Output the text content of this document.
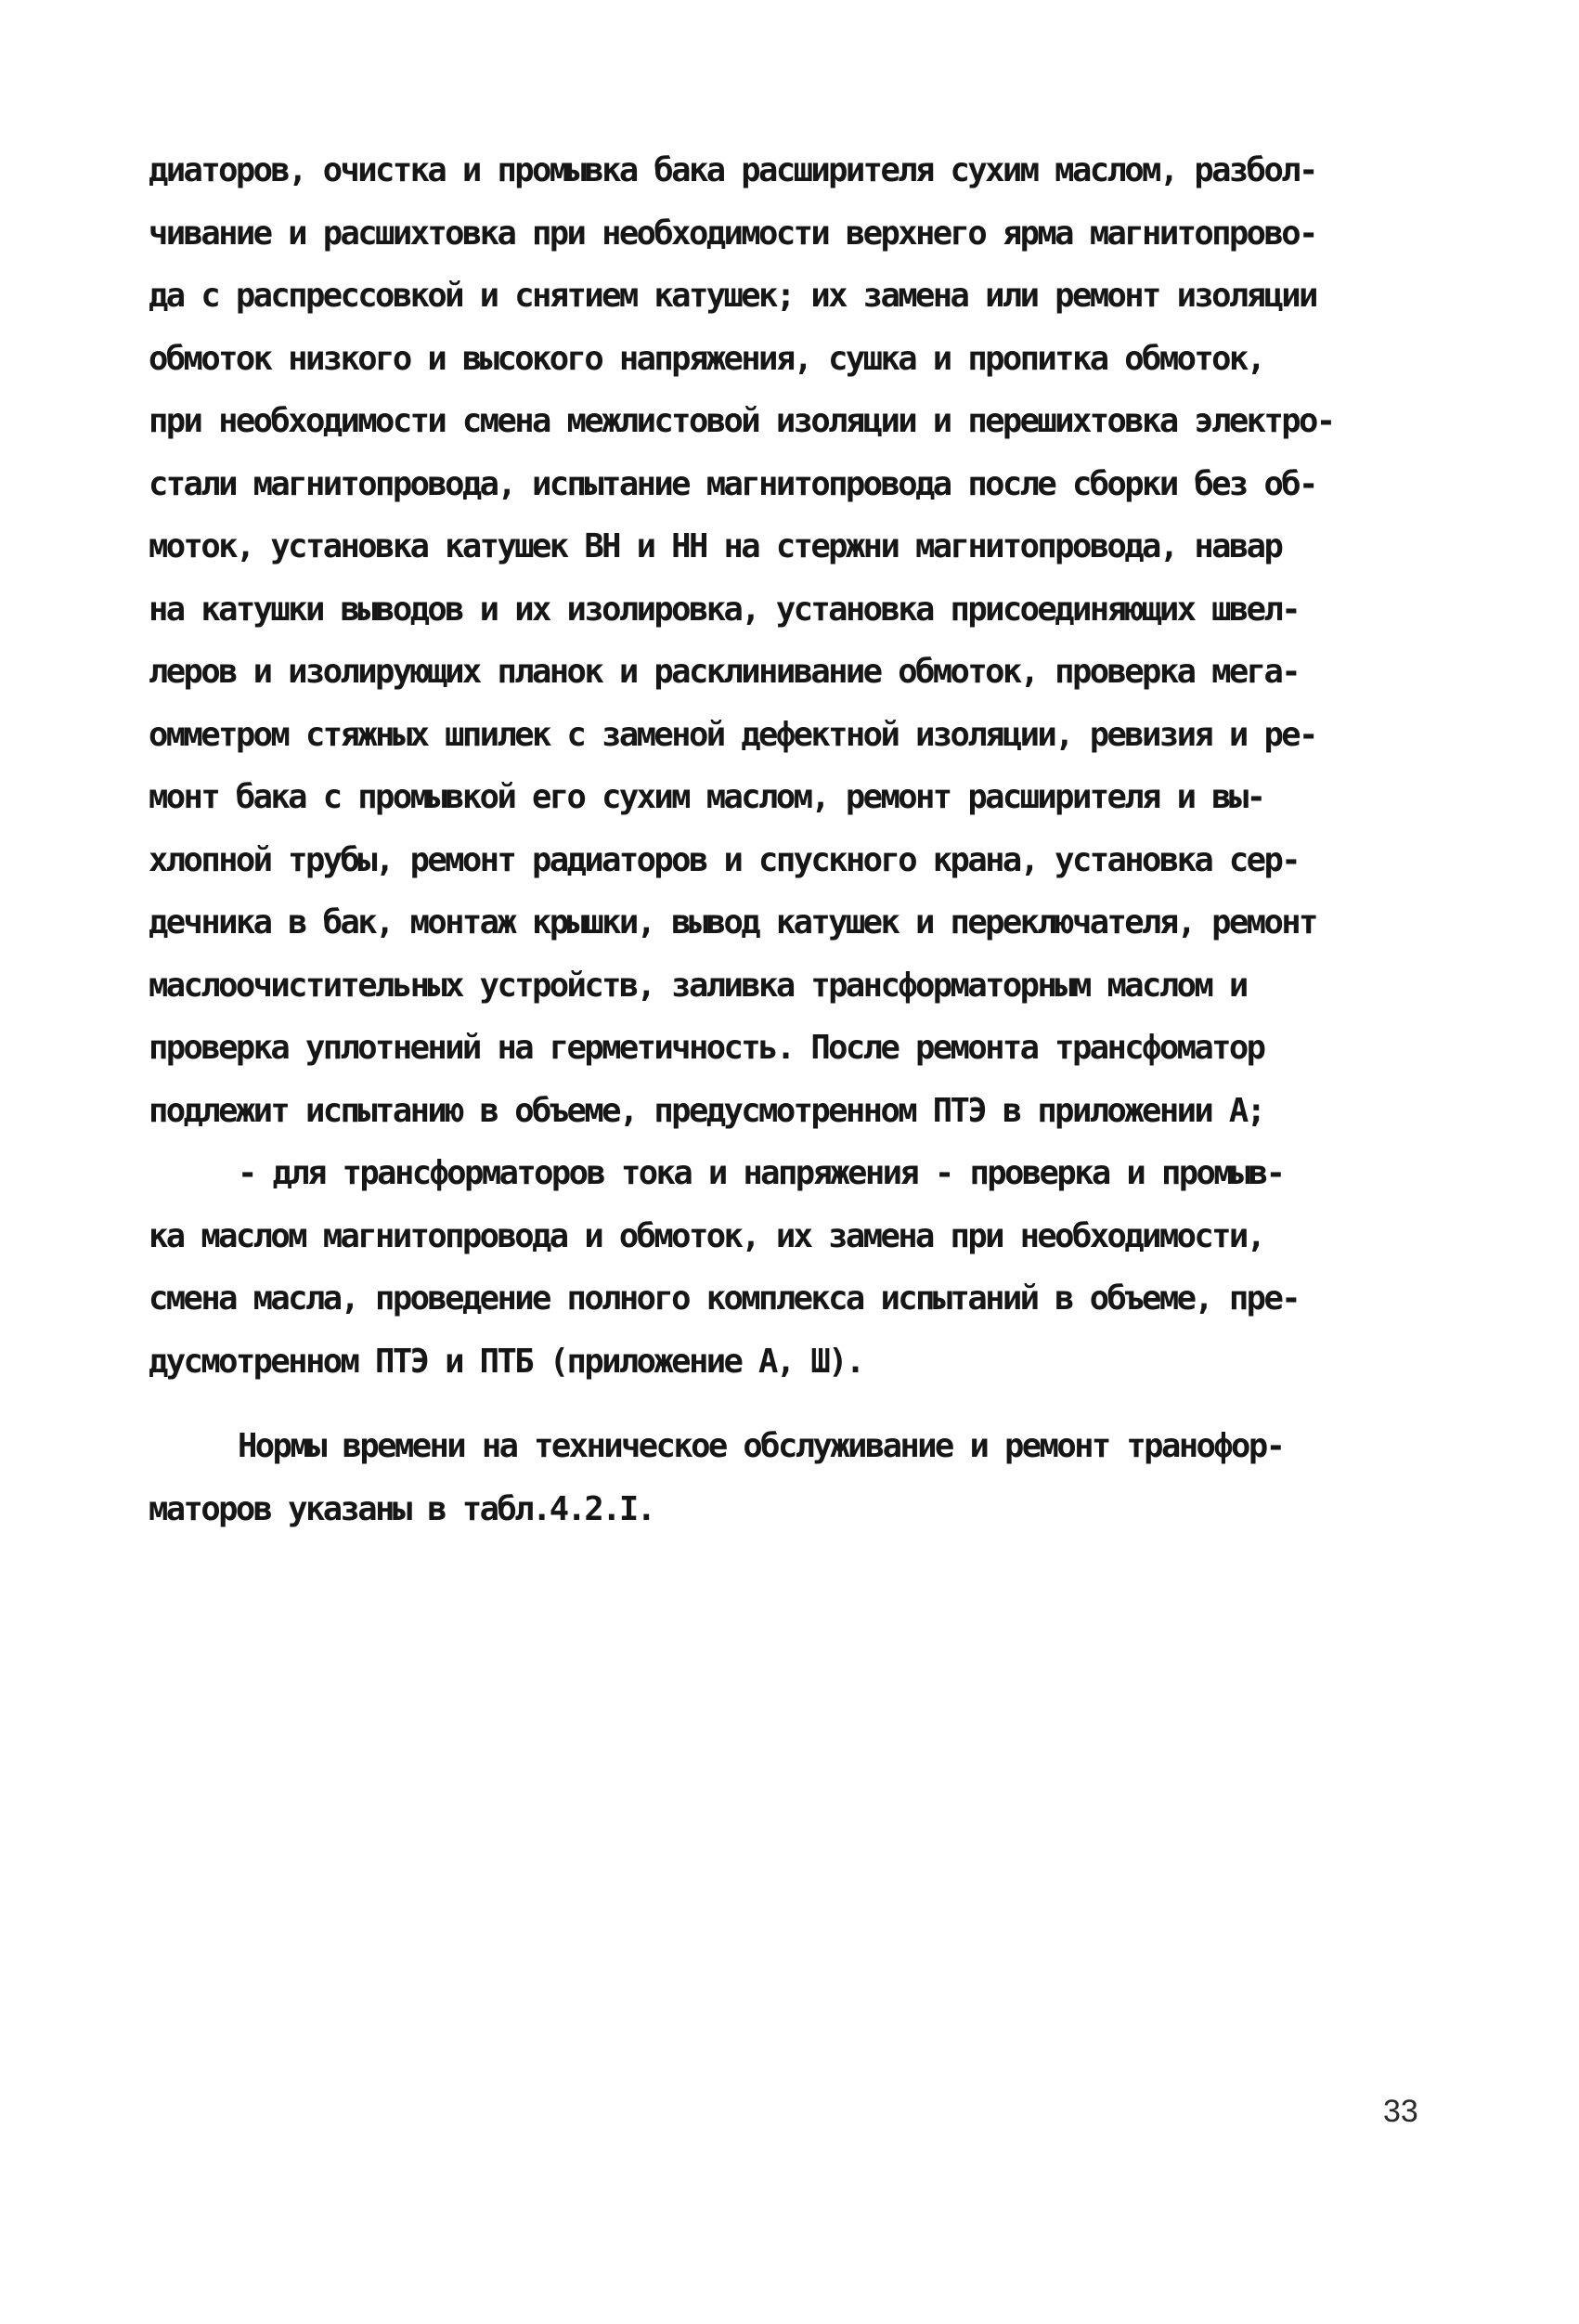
диаторов, очистка и промывка бака расширителя сухим маслом, разбол-
чивание и расшихтовка при необходимости верхнего ярма магнитопрово-
да с распрессовкой и снятием катушек; их замена или ремонт изоляции
обмоток низкого и высокого напряжения, сушка и пропитка обмоток,
при необходимости смена межлистовой изоляции и перешихтовка электро-
стали магнитопровода, испытание магнитопровода после сборки без об-
моток, установка катушек ВН и НН на стержни магнитопровода, навар
на катушки выводов и их изолировка, установка присоединяющих швел-
леров и изолирующих планок и расклинивание обмоток, проверка мега-
омметром стяжных шпилек с заменой дефектной изоляции, ревизия и ре-
монт бака с промывкой его сухим маслом, ремонт расширителя и вы-
хлопной трубы, ремонт радиаторов и спускного крана, установка сер-
дечника в бак, монтаж крышки, вывод катушек и переключателя, ремонт
маслоочистительных устройств, заливка трансформаторным маслом и
проверка уплотнений на герметичность. После ремонта трансфоматор
подлежит испытанию в объеме, предусмотренном ПТЭ в приложении А;
- для трансформаторов тока и напряжения - проверка и промыв-
ка маслом магнитопровода и обмоток, их замена при необходимости,
смена масла, проведение полного комплекса испытаний в объеме, пре-
дусмотренном ПТЭ и ПТБ (приложение А, Ш).
Нормы времени на техническое обслуживание и ремонт транофор-
маторов указаны в табл.4.2.I.
33
